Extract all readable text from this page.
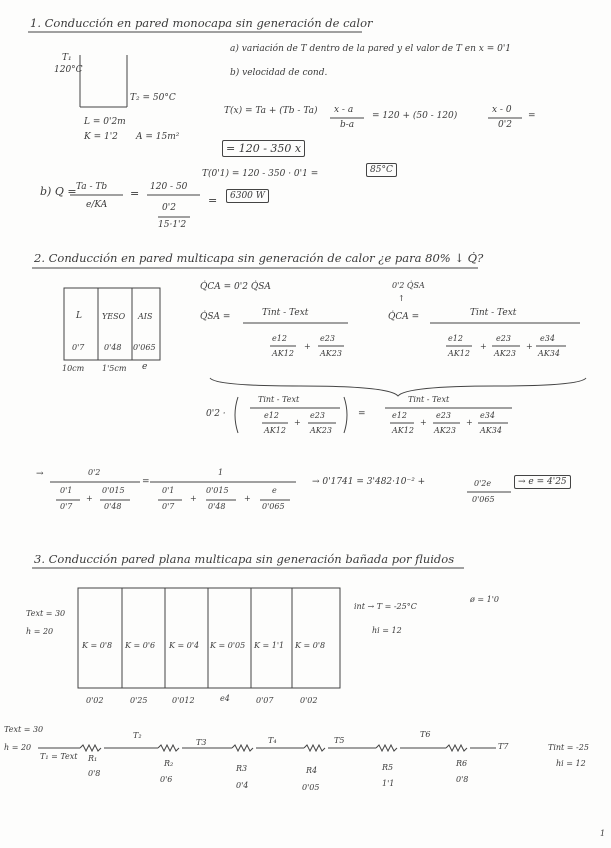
1. Conducción en pared monocapa sin generación de calor
T₁
120°C
T₂ = 50°C
L = 0'2m
K = 1'2 A = 15m²
a) variación de T dentro de la pared y el valor de T en x = 0'1
b) velocidad de cond.
T(x) = Ta + (Tb - Ta) x - a
b-a
= 120 + (50 - 120)
x - 0
0'2
=
= 120 - 350 x
T(0'1) = 120 - 350 · 0'1 =	85°C
b) Q = Ta - Tb
e/KA
= 120 - 50
0'2
15·1'2
=	6300 W
2. Conducción en pared multicapa sin generación de calor ¿e para 80% ↓ Q̇?
L	YESO AIS
0'7 0'48 0'065
10cm 1'5cm e
Q̇CA = 0'2 Q̇SA	0'2 Q̇SA
↑
Q̇SA =	Tint - Text
e12
AK12
+
e23
AK23
Q̇CA =	Tint - Text
e12
AK12
+
e23
AK23
+
e34
AK34
0'2 ·
Tint - Text
e12
AK12
+
e23
AK23
=
Tint - Text
e12
AK12
+
e23
AK23
+
e34
AK34
→	0'2
0'1
0'7
+
0'015
0'48
=
1
0'1
0'7
+
0'015
0'48
+
e
0'065
→ 0'1741 = 3'482·10⁻² +	0'2e
0'065
→ e = 4'25
3. Conducción pared plana multicapa sin generación bañada por fluidos
Text = 30
h = 20
int → T = -25°C
hi = 12
ø = 1'0
K = 0'8 K = 0'6 K = 0'4 K = 0'05 K = 1'1 K = 0'8
0'02	0'25	0'012	e4	0'07	0'02
Text = 30
h = 20
T₁ = Text
T₂
T3	T₄	T5
T6
T7
R₁
R₂
R3	R4	R5	R6
0'8
0'6
0'4	0'05	1'1	0'8
Tint = -25
hi = 12
1
